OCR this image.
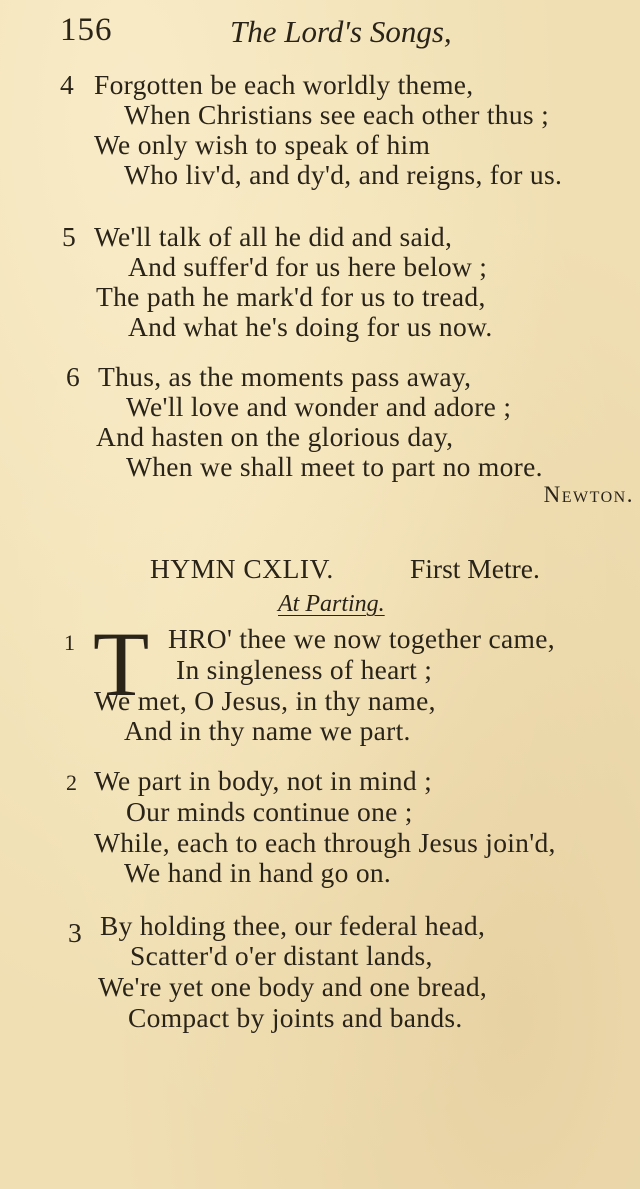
156	The Lord's Songs,
4 Forgotten be each worldly theme,
When Christians see each other thus ;
We only wish to speak of him
Who liv'd, and dy'd, and reigns, for us.
5 We'll talk of all he did and said,
And suffer'd for us here below ;
The path he mark'd for us to tread,
And what he's doing for us now.
6 Thus, as the moments pass away,
We'll love and wonder and adore ;
And hasten on the glorious day,
When we shall meet to part no more.
Newton.
HYMN CXLIV.	First Metre.
At Parting.
1 T HRO' thee we now together came,
In singleness of heart ;
We met, O Jesus, in thy name,
And in thy name we part.
2 We part in body, not in mind ;
Our minds continue one ;
While, each to each through Jesus join'd,
We hand in hand go on.
3 By holding thee, our federal head,
Scatter'd o'er distant lands,
We're yet one body and one bread,
Compact by joints and bands.
